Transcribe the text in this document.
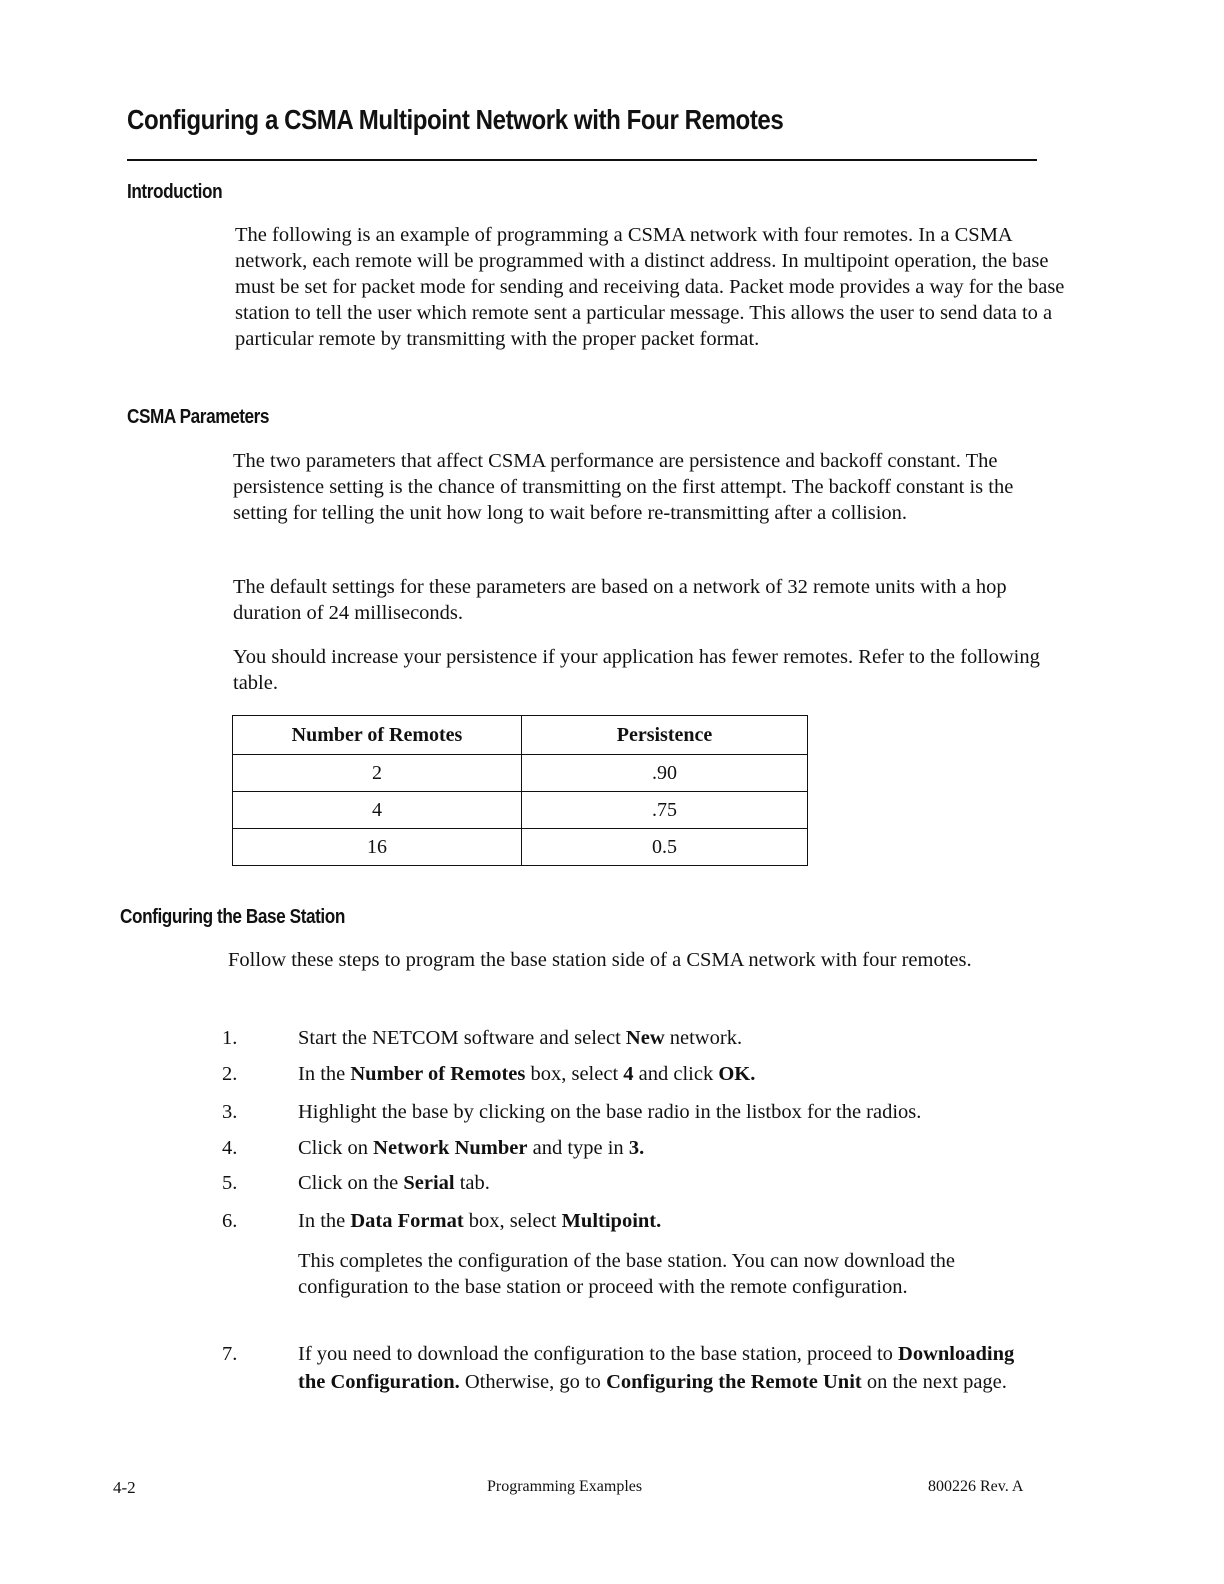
Configuring a CSMA Multipoint Network with Four Remotes
Introduction

The following is an example of programming a CSMA network with four remotes. In a CSMA network, each remote will be programmed with a distinct address. In multipoint operation, the base must be set for packet mode for sending and receiving data. Packet mode provides a way for the base station to tell the user which remote sent a particular message. This allows the user to send data to a particular remote by transmitting with the proper packet format.

CSMA Parameters

The two parameters that affect CSMA performance are persistence and backoff constant. The persistence setting is the chance of transmitting on the first attempt. The backoff constant is the setting for telling the unit how long to wait before re-transmitting after a collision.

The default settings for these parameters are based on a network of 32 remote units with a hop duration of 24 milliseconds.

You should increase your persistence if your application has fewer remotes. Refer to the following table.

Number of Remotes	Persistence
2	.90
4	.75
16	0.5
Configuring the Base Station

Follow these steps to program the base station side of a CSMA network with four remotes.

1.	Start the NETCOM software and select New network.
2.	In the Number of Remotes box, select 4 and click OK.
3.	Highlight the base by clicking on the base radio in the listbox for the radios.
4.	Click on Network Number and type in 3.
5.	Click on the Serial tab.
6.	In the Data Format box, select Multipoint.
This completes the configuration of the base station. You can now download the configuration to the base station or proceed with the remote configuration.
7.	If you need to download the configuration to the base station, proceed to Downloading the Configuration. Otherwise, go to Configuring the Remote Unit on the next page.
4-2	Programming Examples	800226 Rev. A
